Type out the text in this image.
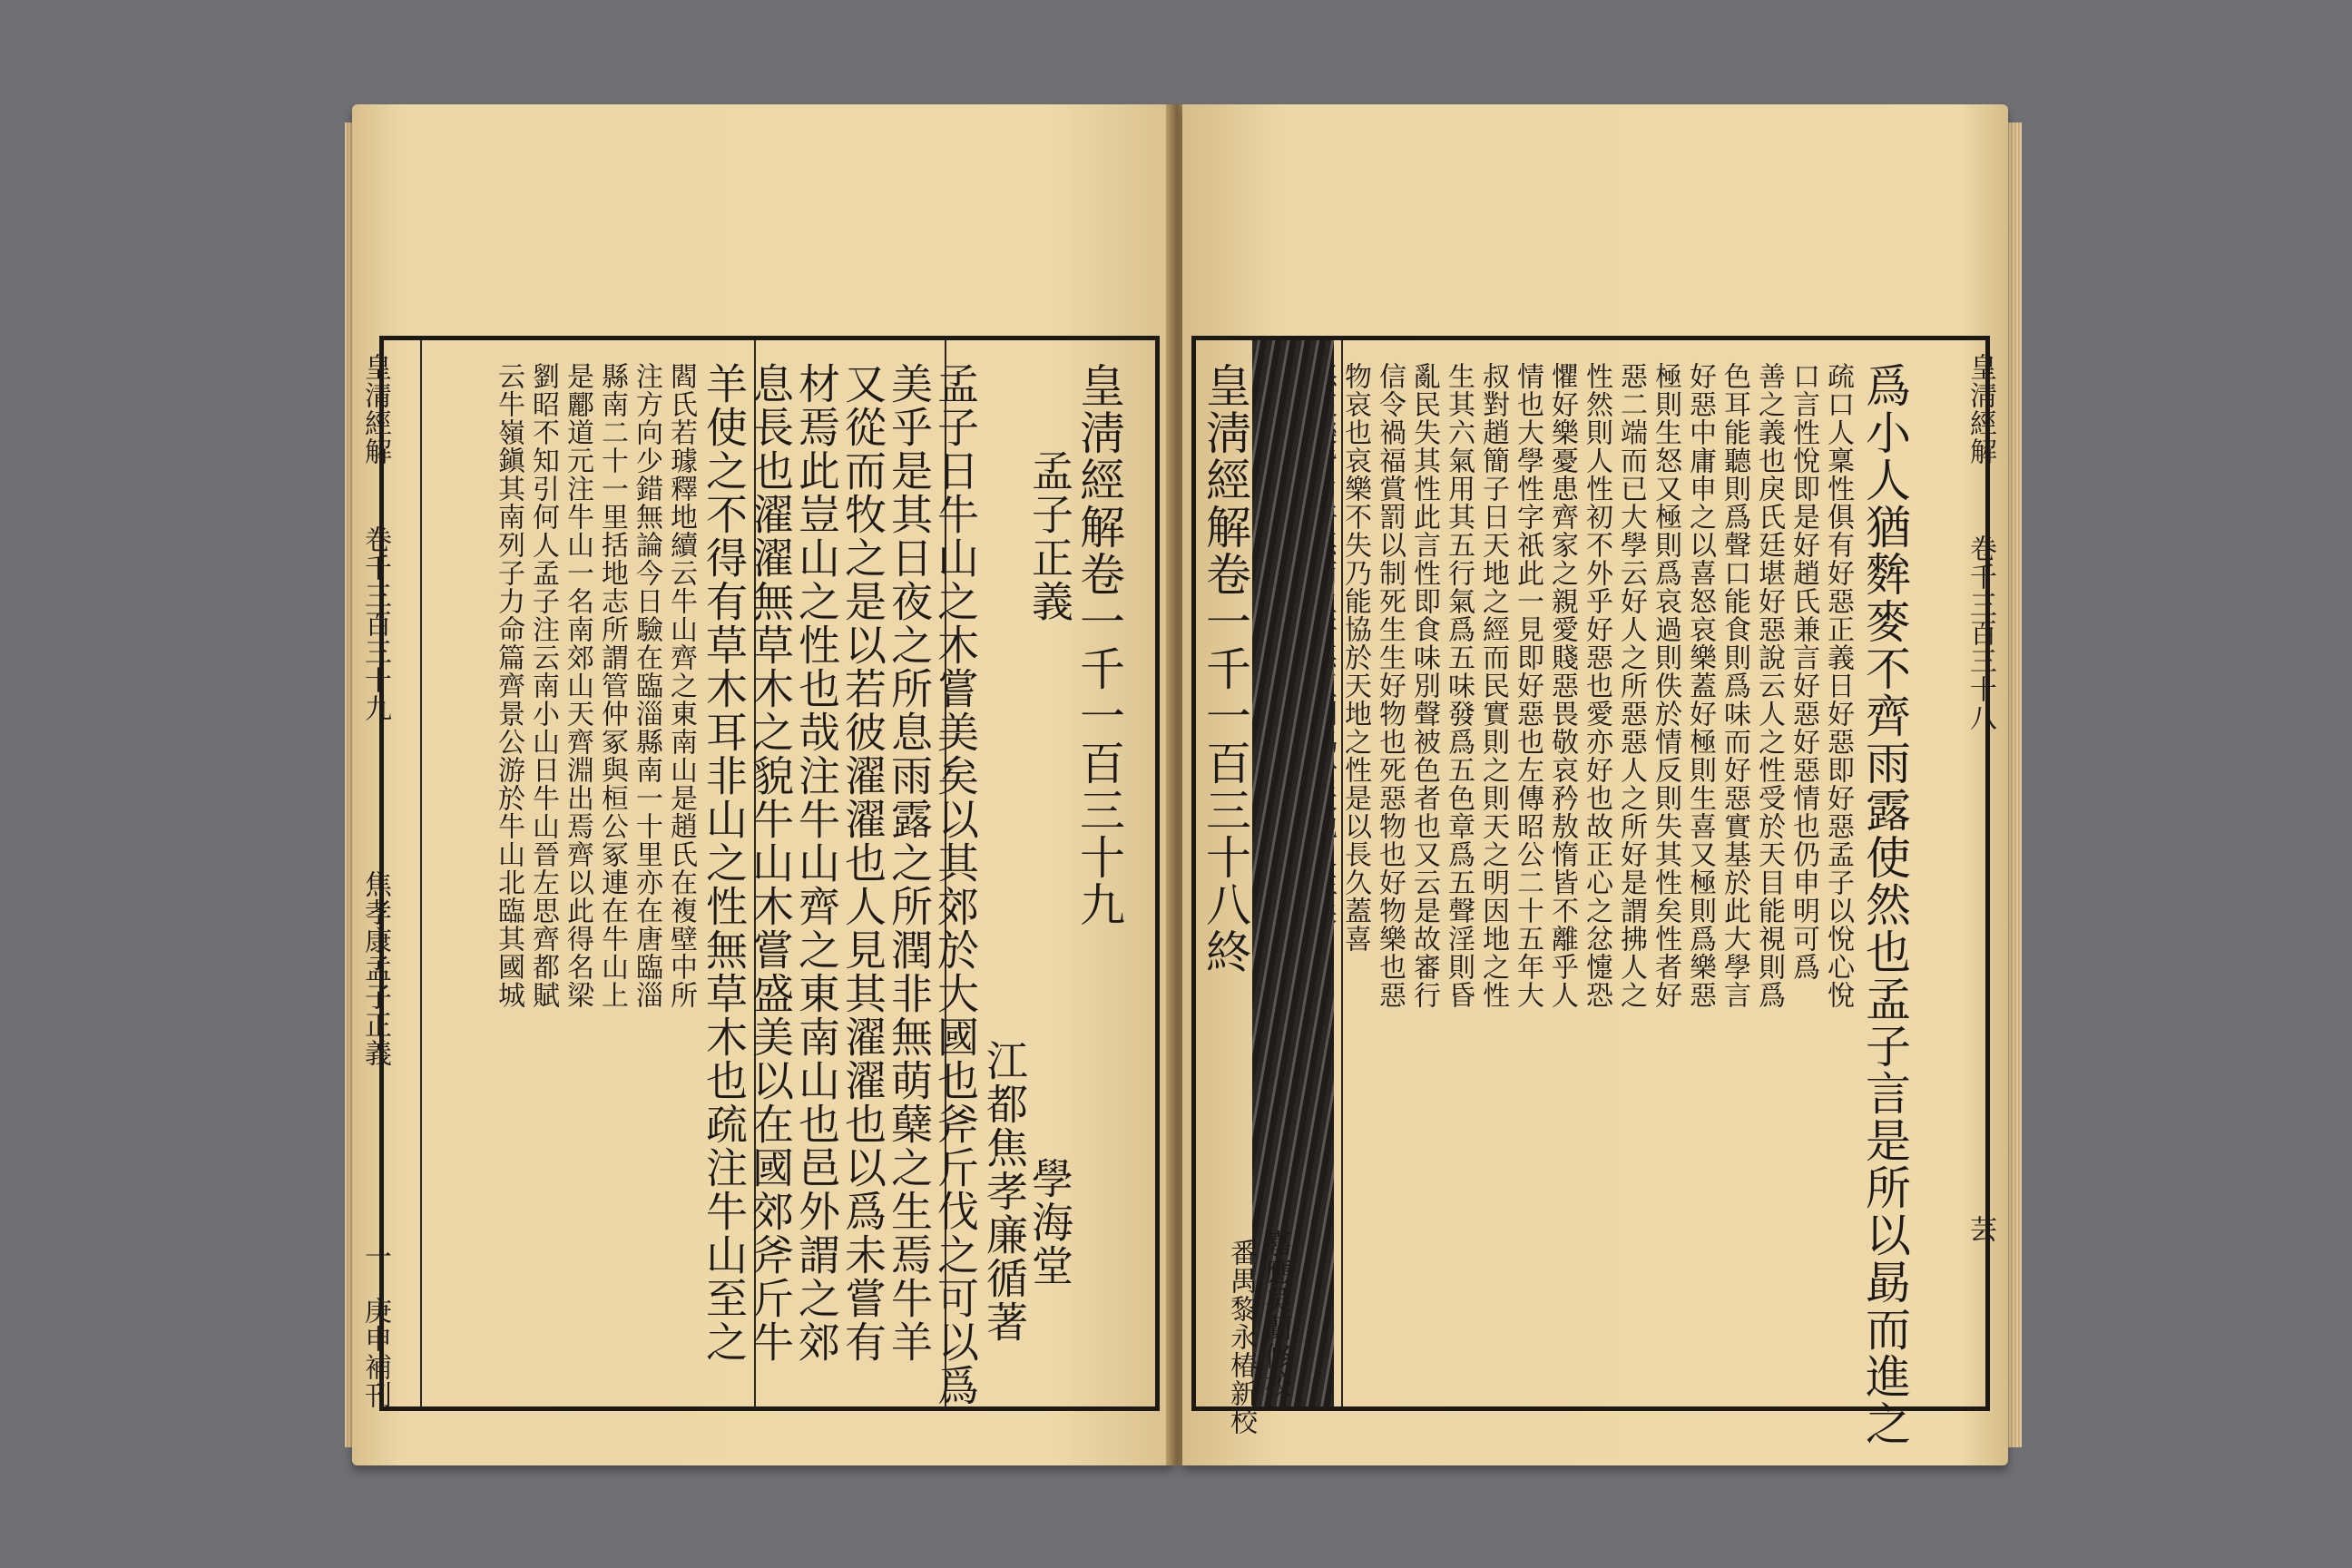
皇清經解
卷千三百三十九
焦孝康孟子正義
一
庚申補刊
皇淸經解卷一千一百三十九
孟子正義
學海堂
江都焦孝廉循著
孟子日牛山之木嘗美矣以其郊於大國也斧斤伐之可以爲
美乎是其日夜之所息雨露之所潤非無萌蘖之生焉牛羊
又從而牧之是以若彼濯濯也人見其濯濯也以爲未嘗有
材焉此豈山之性也哉注牛山齊之東南山也邑外謂之郊
息長也濯濯無草木之貌牛山木嘗盛美以在國郊斧斤牛
羊使之不得有草木耳非山之性無草木也疏注牛山至之
閻氏若璩釋地續云牛山齊之東南山是趙氏在複壁中所
注方向少錯無論今日驗在臨淄縣南一十里亦在唐臨淄
縣南二十一里括地志所謂管仲冢與桓公冢連在牛山上
是酈道元注牛山一名南郊山天齊淵出焉齊以此得名梁
劉昭不知引何人孟子注云南小山日牛山晉左思齊都賦
云牛嶺鎭其南列子力命篇齊景公游於牛山北臨其國城	爲小人猶麰麥不齊雨露使然也孟子言是所以勗而進之
疏口人稟性俱有好惡正義日好惡即好惡孟子以悅心悅
口言性悅即是好趙氏兼言好惡好惡情也仍申明可爲
善之義也戾氏廷堪好惡說云人之性受於天目能視則爲
色耳能聽則爲聲口能食則爲味而好惡實基於此大學言
好惡中庸申之以喜怒哀樂蓋好極則生喜又極則爲樂惡
極則生怒又極則爲哀過則佚於情反則失其性矣性者好
惡二端而已大學云好人之所惡惡人之所好是謂拂人之
性然則人性初不外乎好惡也愛亦好也故正心之忿懥恐
懼好樂憂患齊家之親愛賤惡畏敬哀矜敖惰皆不離乎人
情也大學性字祇此一見即好惡也左傳昭公二十五年大
叔對趙簡子日天地之經而民實則之則天之明因地之性
生其六氣用其五行氣爲五味發爲五色章爲五聲淫則昏
亂民失其性此言性即食味別聲被色者也又云是故審行
信令禍福賞罰以制死生生好物也死惡物也好物樂也惡
物哀也哀樂不失乃能協於天地之性是以長久蓋喜
皇淸經解卷一千一百三十八終
嘉應吳蘭修校
番禺黎永椿新校
皇淸經解
卷千三百三十八
芸
